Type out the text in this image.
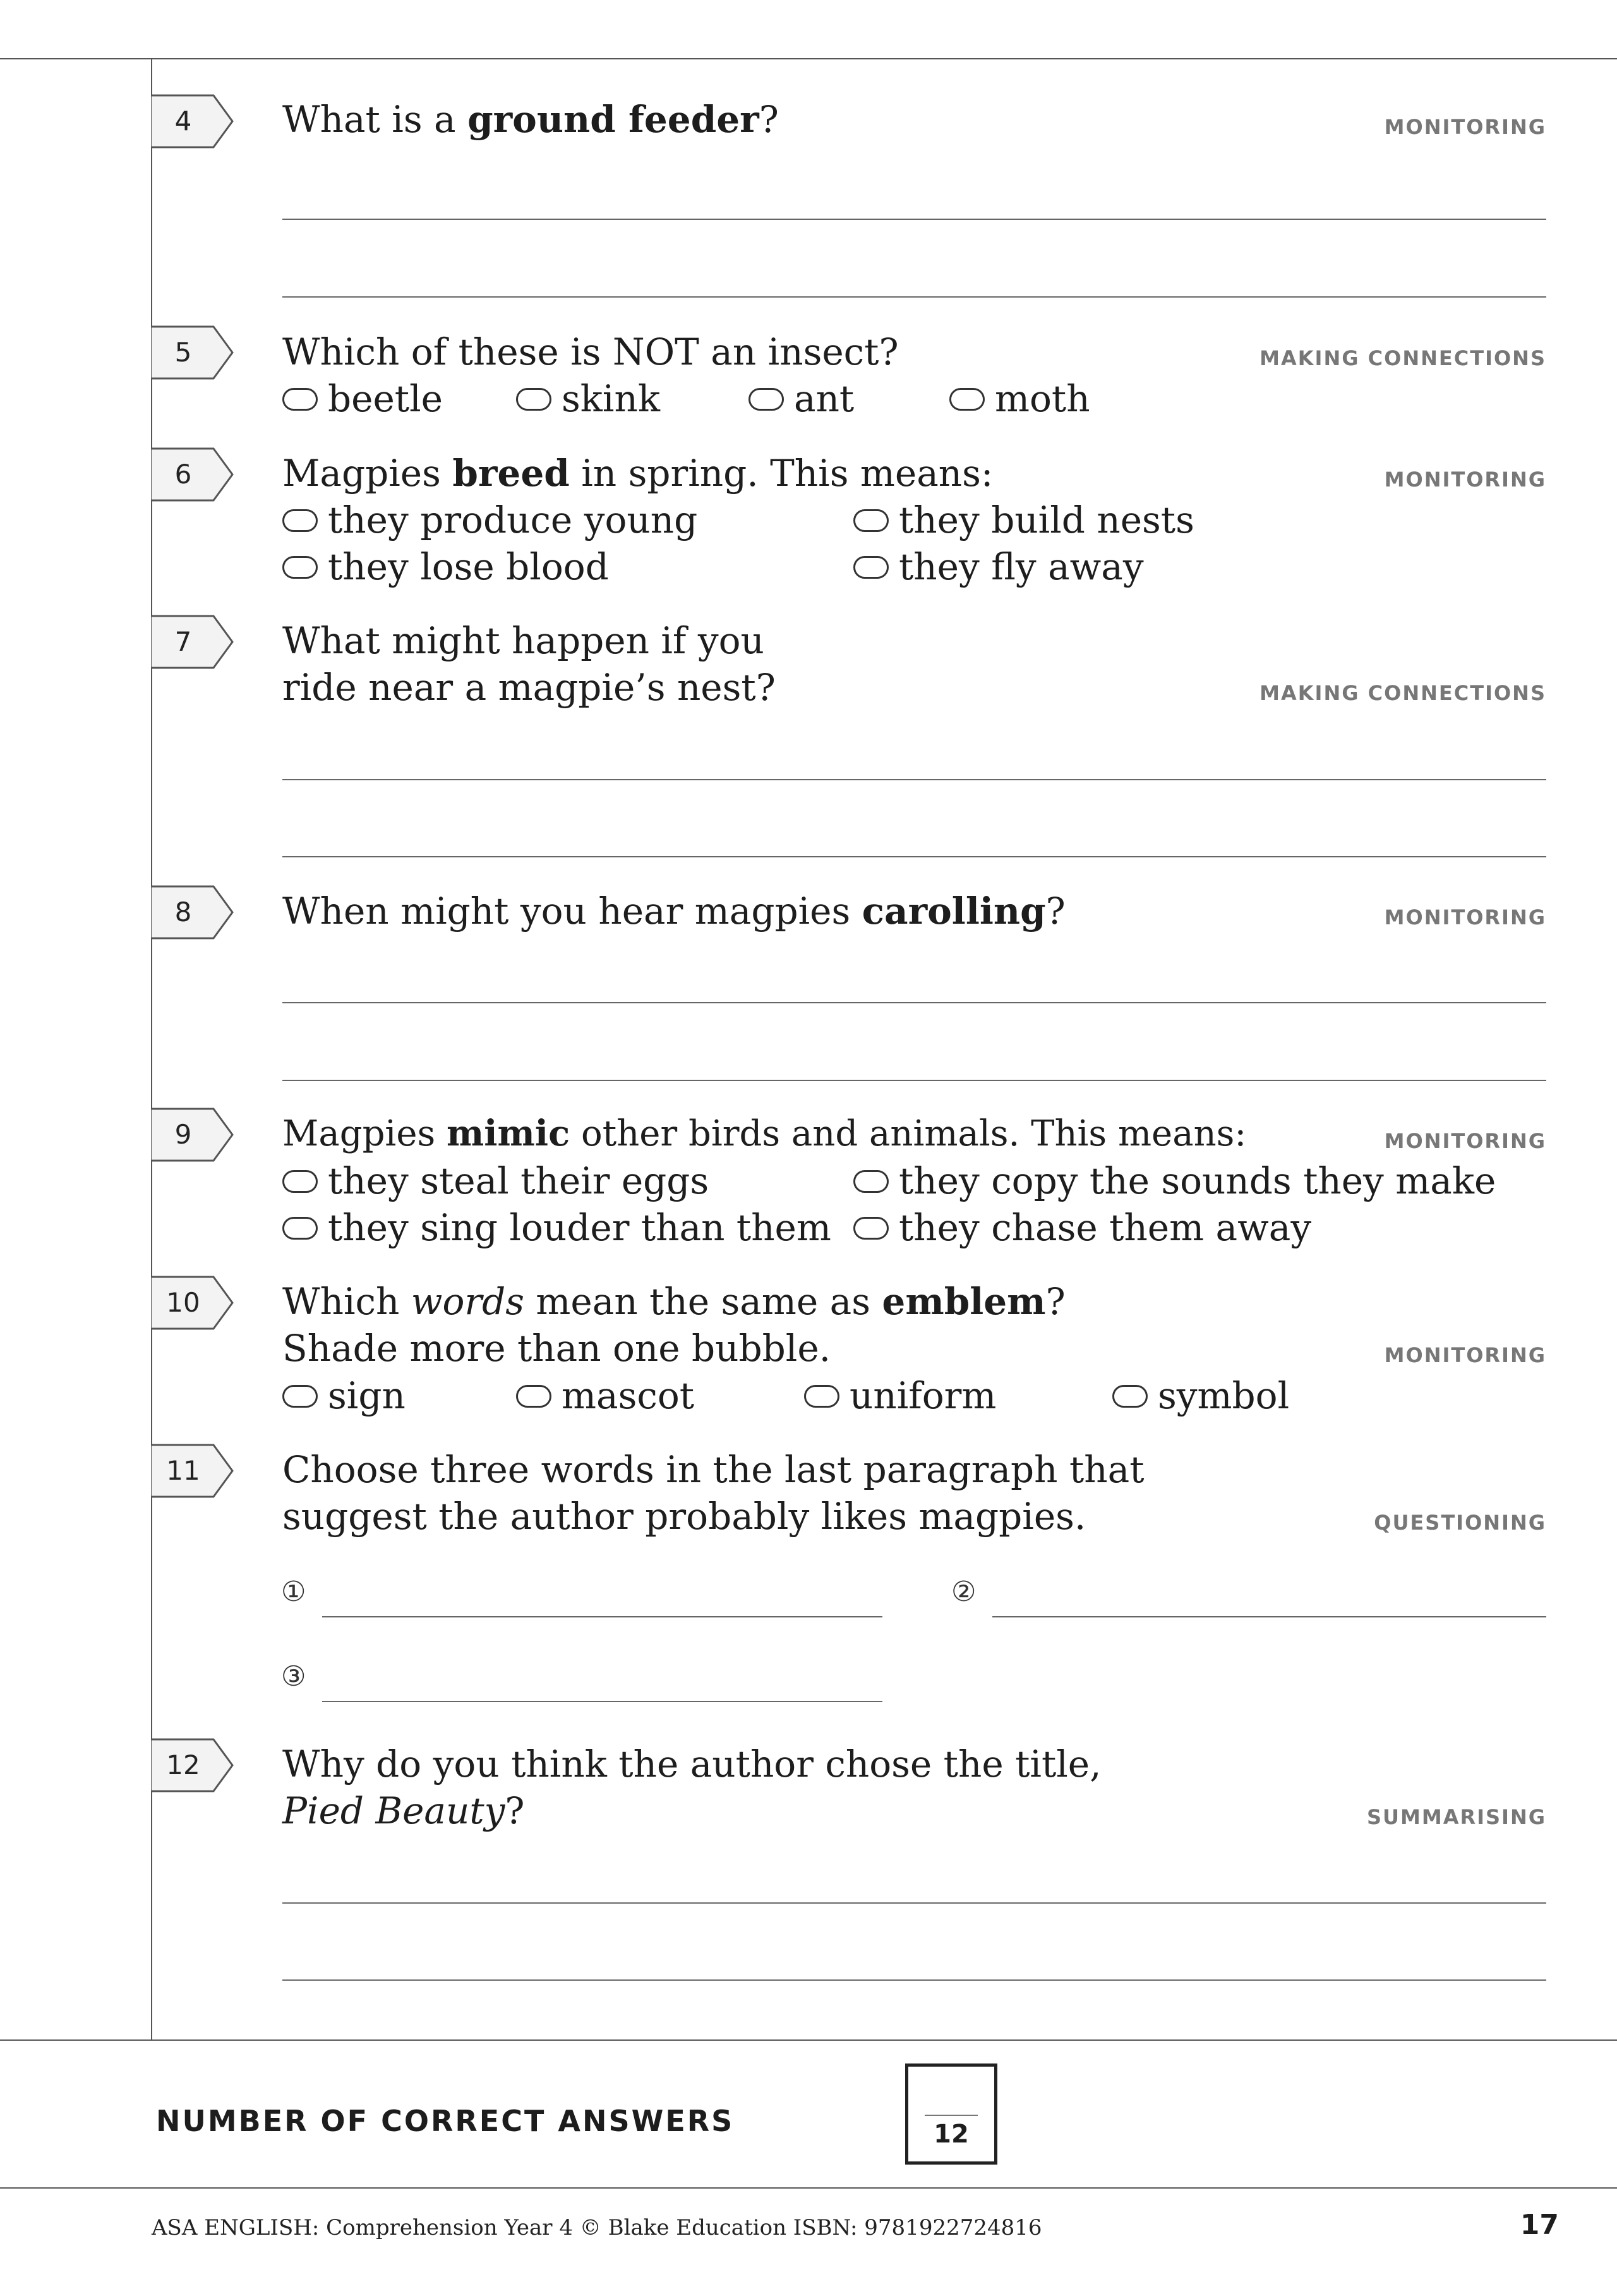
4	What is a ground feeder?	MONITORING
5	Which of these is NOT an insect?	MAKING CONNECTIONS
beetle	skink	ant	moth
6	Magpies breed in spring. This means:	MONITORING
they produce young	they build nests
they lose blood	they fly away
7	What might happen if you
ride near a magpie’s nest?	MAKING CONNECTIONS
8	When might you hear magpies carolling?	MONITORING
9	Magpies mimic other birds and animals. This means:	MONITORING
they steal their eggs	they copy the sounds they make
they sing louder than them	they chase them away
10	Which words mean the same as emblem?
Shade more than one bubble.	MONITORING
sign	mascot	uniform	symbol
11	Choose three words in the last paragraph that
suggest the author probably likes magpies.	QUESTIONING
①	②
③
12	Why do you think the author chose the title,
Pied Beauty?	SUMMARISING
NUMBER OF CORRECT ANSWERS	12
ASA ENGLISH: Comprehension Year 4 © Blake Education ISBN: 9781922724816	17
